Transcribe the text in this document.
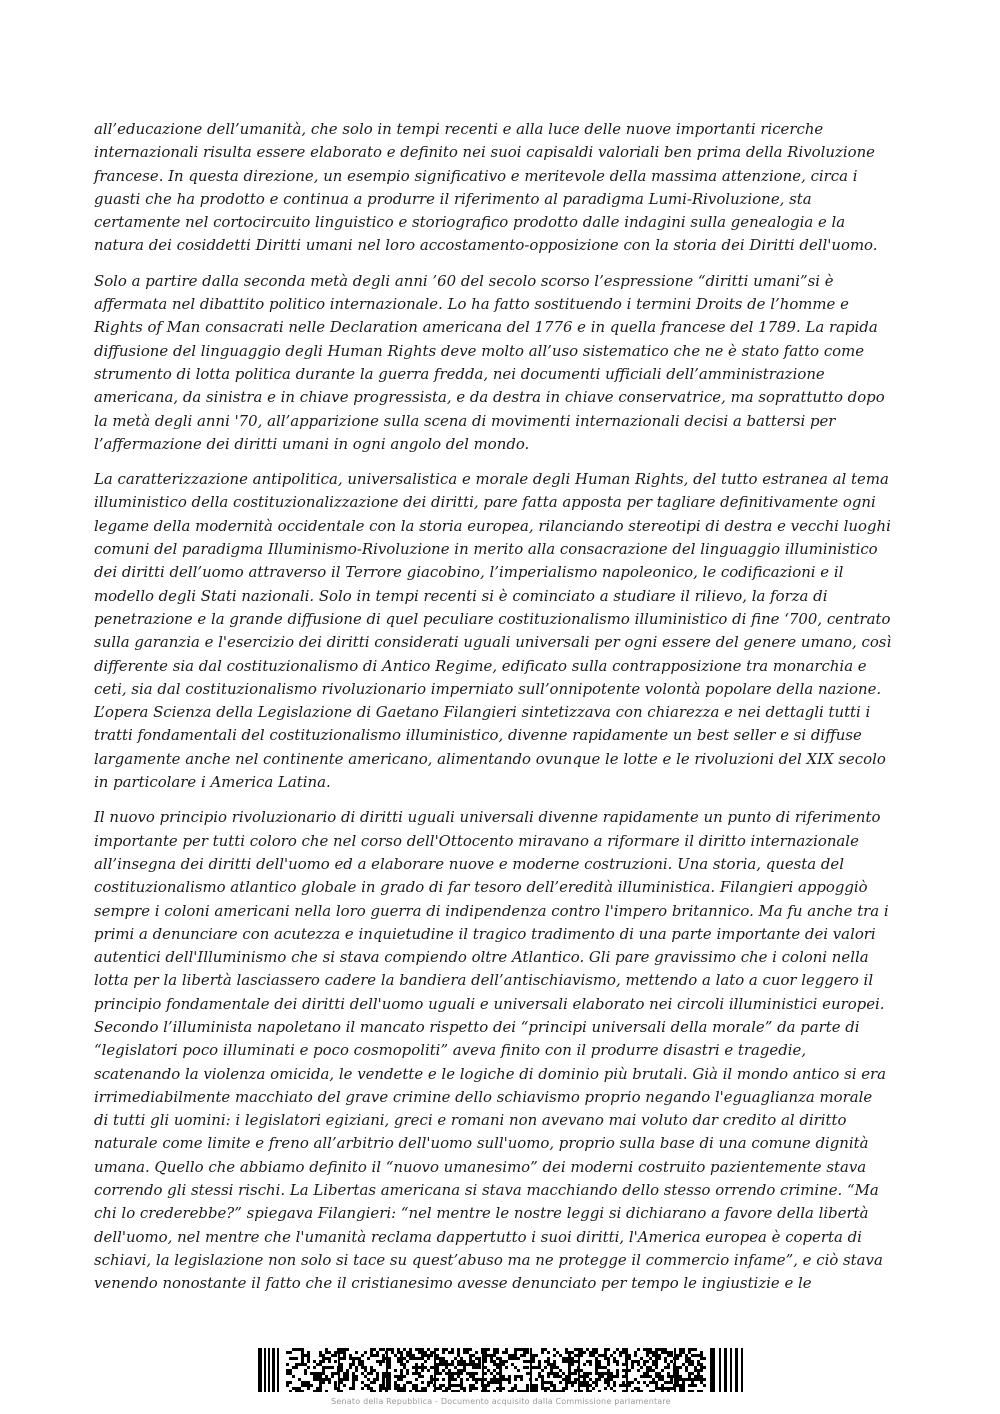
all’educazione dell’umanità, che solo in tempi recenti e alla luce delle nuove importanti ricerche
internazionali risulta essere elaborato e definito nei suoi capisaldi valoriali ben prima della Rivoluzione
francese. In questa direzione, un esempio significativo e meritevole della massima attenzione, circa i
guasti che ha prodotto e continua a produrre il riferimento al paradigma Lumi-Rivoluzione, sta
certamente nel cortocircuito linguistico e storiografico prodotto dalle indagini sulla genealogia e la
natura dei cosiddetti Diritti umani nel loro accostamento-opposizione con la storia dei Diritti dell'uomo.

Solo a partire dalla seconda metà degli anni ’60 del secolo scorso l’espressione “diritti umani”si è
affermata nel dibattito politico internazionale. Lo ha fatto sostituendo i termini Droits de l’homme e
Rights of Man consacrati nelle Declaration americana del 1776 e in quella francese del 1789. La rapida
diffusione del linguaggio degli Human Rights deve molto all’uso sistematico che ne è stato fatto come
strumento di lotta politica durante la guerra fredda, nei documenti ufficiali dell’amministrazione
americana, da sinistra e in chiave progressista, e da destra in chiave conservatrice, ma soprattutto dopo
la metà degli anni '70, all’apparizione sulla scena di movimenti internazionali decisi a battersi per
l’affermazione dei diritti umani in ogni angolo del mondo.

La caratterizzazione antipolitica, universalistica e morale degli Human Rights, del tutto estranea al tema
illuministico della costituzionalizzazione dei diritti, pare fatta apposta per tagliare definitivamente ogni
legame della modernità occidentale con la storia europea, rilanciando stereotipi di destra e vecchi luoghi
comuni del paradigma Illuminismo-Rivoluzione in merito alla consacrazione del linguaggio illuministico
dei diritti dell’uomo attraverso il Terrore giacobino, l’imperialismo napoleonico, le codificazioni e il
modello degli Stati nazionali. Solo in tempi recenti si è cominciato a studiare il rilievo, la forza di
penetrazione e la grande diffusione di quel peculiare costituzionalismo illuministico di fine ‘700, centrato
sulla garanzia e l'esercizio dei diritti considerati uguali universali per ogni essere del genere umano, così
differente sia dal costituzionalismo di Antico Regime, edificato sulla contrapposizione tra monarchia e
ceti, sia dal costituzionalismo rivoluzionario imperniato sull’onnipotente volontà popolare della nazione.
L’opera Scienza della Legislazione di Gaetano Filangieri sintetizzava con chiarezza e nei dettagli tutti i
tratti fondamentali del costituzionalismo illuministico, divenne rapidamente un best seller e si diffuse
largamente anche nel continente americano, alimentando ovunque le lotte e le rivoluzioni del XIX secolo
in particolare i America Latina.

Il nuovo principio rivoluzionario di diritti uguali universali divenne rapidamente un punto di riferimento
importante per tutti coloro che nel corso dell'Ottocento miravano a riformare il diritto internazionale
all’insegna dei diritti dell'uomo ed a elaborare nuove e moderne costruzioni. Una storia, questa del
costituzionalismo atlantico globale in grado di far tesoro dell’eredità illuministica. Filangieri appoggiò
sempre i coloni americani nella loro guerra di indipendenza contro l'impero britannico. Ma fu anche tra i
primi a denunciare con acutezza e inquietudine il tragico tradimento di una parte importante dei valori
autentici dell'Illuminismo che si stava compiendo oltre Atlantico. Gli pare gravissimo che i coloni nella
lotta per la libertà lasciassero cadere la bandiera dell’antischiavismo, mettendo a lato a cuor leggero il
principio fondamentale dei diritti dell'uomo uguali e universali elaborato nei circoli illuministici europei.
Secondo l’illuminista napoletano il mancato rispetto dei “principi universali della morale” da parte di
“legislatori poco illuminati e poco cosmopoliti” aveva finito con il produrre disastri e tragedie,
scatenando la violenza omicida, le vendette e le logiche di dominio più brutali. Già il mondo antico si era
irrimediabilmente macchiato del grave crimine dello schiavismo proprio negando l'eguaglianza morale
di tutti gli uomini: i legislatori egiziani, greci e romani non avevano mai voluto dar credito al diritto
naturale come limite e freno all’arbitrio dell'uomo sull'uomo, proprio sulla base di una comune dignità
umana. Quello che abbiamo definito il “nuovo umanesimo” dei moderni costruito pazientemente stava
correndo gli stessi rischi. La Libertas americana si stava macchiando dello stesso orrendo crimine. “Ma
chi lo crederebbe?” spiegava Filangieri: “nel mentre le nostre leggi si dichiarano a favore della libertà
dell'uomo, nel mentre che l'umanità reclama dappertutto i suoi diritti, l'America europea è coperta di
schiavi, la legislazione non solo si tace su quest’abuso ma ne protegge il commercio infame”, e ciò stava
venendo nonostante il fatto che il cristianesimo avesse denunciato per tempo le ingiustizie e le

Senato della Repubblica - Documento acquisito dalla Commissione parlamentare
